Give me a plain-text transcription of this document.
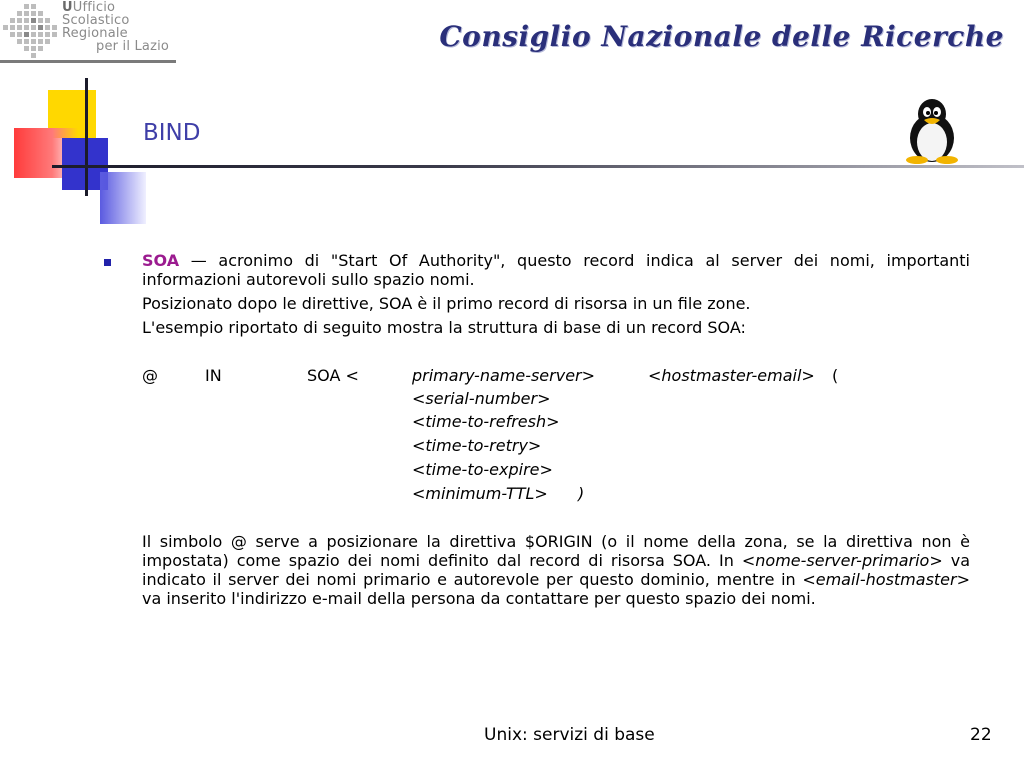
UUfficio
Scolastico
Regionale
per il Lazio	Consiglio Nazionale delle Ricerche
BIND
SOA — acronimo di "Start Of Authority", questo record indica al server dei nomi, importanti informazioni autorevoli sullo spazio nomi.
Posizionato dopo le direttive, SOA è il primo record di risorsa in un file zone.
L'esempio riportato di seguito mostra la struttura di base di un record SOA:
@	IN	SOA <	primary-name-server>	<hostmaster-email> (
<serial-number>
<time-to-refresh>
<time-to-retry>
<time-to-expire>
<minimum-TTL> )
Il simbolo @ serve a posizionare la direttiva $ORIGIN (o il nome della zona, se la direttiva non è impostata) come spazio dei nomi definito dal record di risorsa SOA. In <nome-server-primario> va indicato il server dei nomi primario e autorevole per questo dominio, mentre in <email-hostmaster> va inserito l'indirizzo e-mail della persona da contattare per questo spazio dei nomi.
Unix: servizi di base	22
